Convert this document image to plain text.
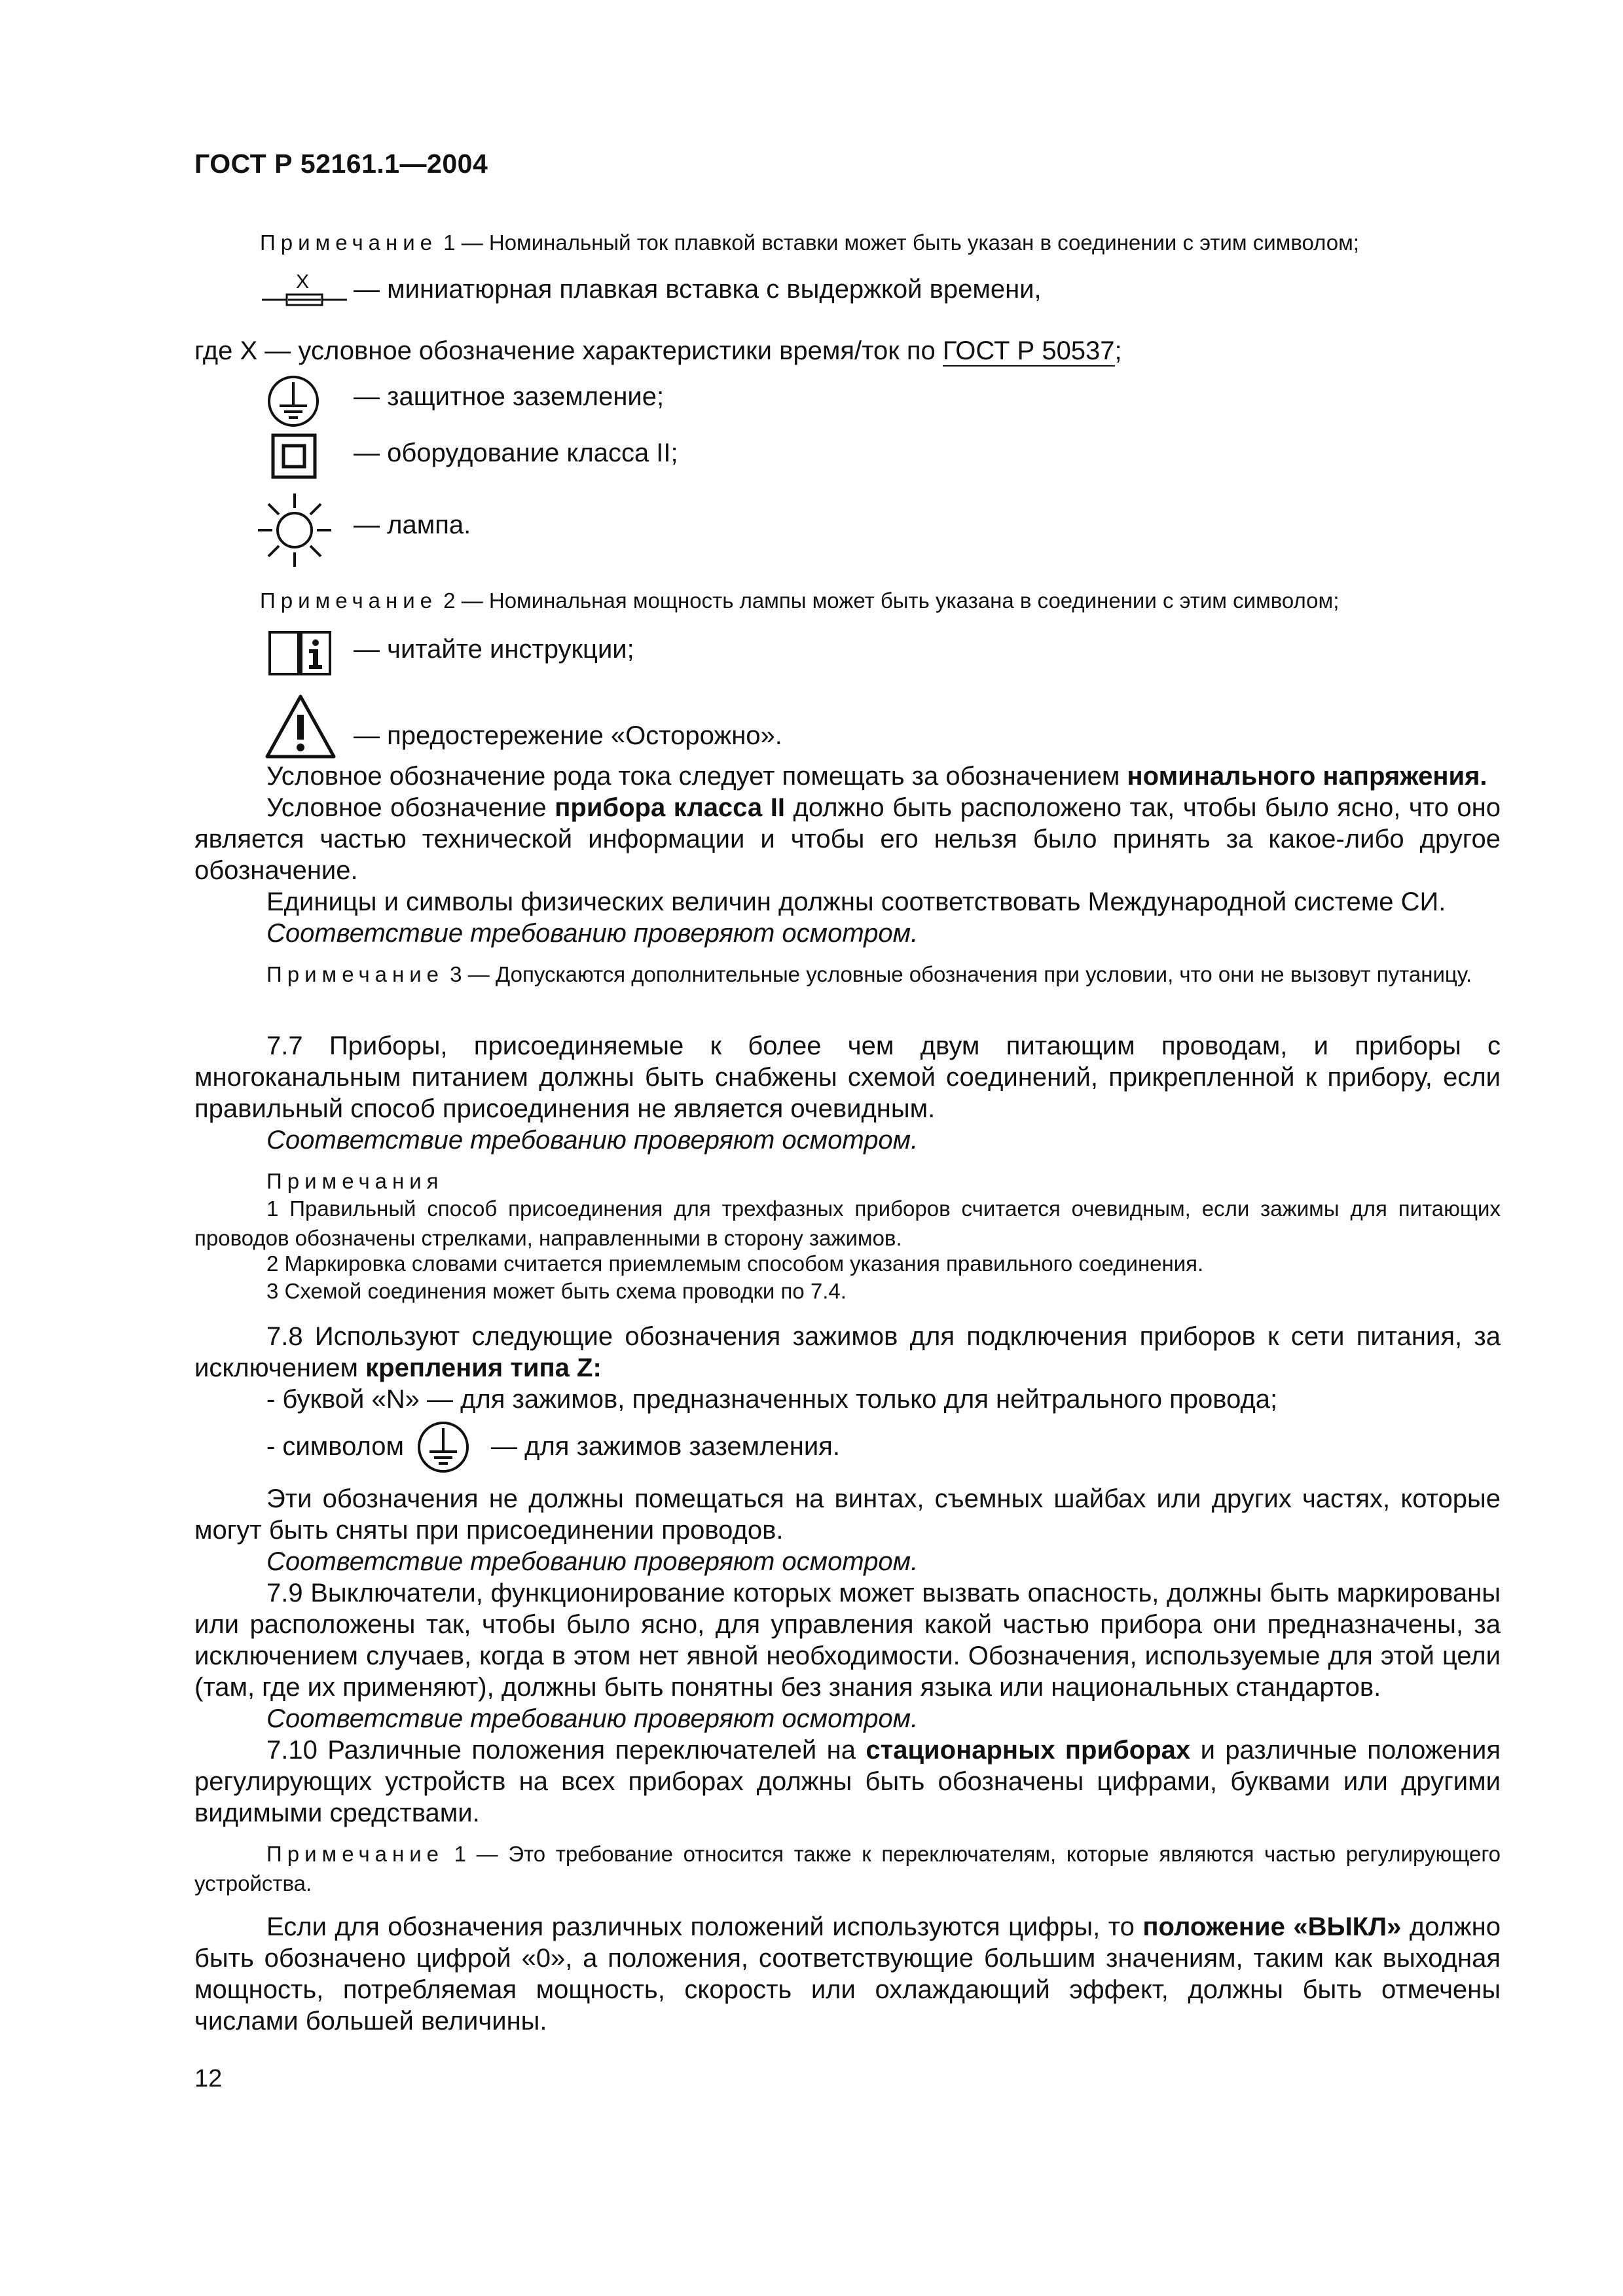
ГОСТ Р 52161.1—2004
Примечание 1 — Номинальный ток плавкой вставки может быть указан в соединении с этим символом;
X — миниатюрная плавкая вставка с выдержкой времени,
где X — условное обозначение характеристики время/ток по ГОСТ Р 50537;
— защитное заземление;
— оборудование класса II;
— лампа.
Примечание 2 — Номинальная мощность лампы может быть указана в соединении с этим символом;
— читайте инструкции;
— предостережение «Осторожно».
Условное обозначение рода тока следует помещать за обозначением номинального напряжения.
Условное обозначение прибора класса II должно быть расположено так, чтобы было ясно, что оно является частью технической информации и чтобы его нельзя было принять за какое-либо другое обозначение.
Единицы и символы физических величин должны соответствовать Международной системе СИ.
Соответствие требованию проверяют осмотром.
Примечание 3 — Допускаются дополнительные условные обозначения при условии, что они не вызовут путаницу.
7.7 Приборы, присоединяемые к более чем двум питающим проводам, и приборы с многоканальным питанием должны быть снабжены схемой соединений, прикрепленной к прибору, если правильный способ присоединения не является очевидным.
Соответствие требованию проверяют осмотром.
Примечания
1 Правильный способ присоединения для трехфазных приборов считается очевидным, если зажимы для питающих проводов обозначены стрелками, направленными в сторону зажимов.
2 Маркировка словами считается приемлемым способом указания правильного соединения.
3 Схемой соединения может быть схема проводки по 7.4.
7.8 Используют следующие обозначения зажимов для подключения приборов к сети питания, за исключением крепления типа Z:
- буквой «N» — для зажимов, предназначенных только для нейтрального провода;
- символом	— для зажимов заземления.
Эти обозначения не должны помещаться на винтах, съемных шайбах или других частях, которые могут быть сняты при присоединении проводов.
Соответствие требованию проверяют осмотром.
7.9 Выключатели, функционирование которых может вызвать опасность, должны быть маркированы или расположены так, чтобы было ясно, для управления какой частью прибора они предназначены, за исключением случаев, когда в этом нет явной необходимости. Обозначения, используемые для этой цели (там, где их применяют), должны быть понятны без знания языка или национальных стандартов.
Соответствие требованию проверяют осмотром.
7.10 Различные положения переключателей на стационарных приборах и различные положения регулирующих устройств на всех приборах должны быть обозначены цифрами, буквами или другими видимыми средствами.
Примечание 1 — Это требование относится также к переключателям, которые являются частью регулирующего устройства.
Если для обозначения различных положений используются цифры, то положение «ВЫКЛ» должно быть обозначено цифрой «0», а положения, соответствующие большим значениям, таким как выходная мощность, потребляемая мощность, скорость или охлаждающий эффект, должны быть отмечены числами большей величины.
12
